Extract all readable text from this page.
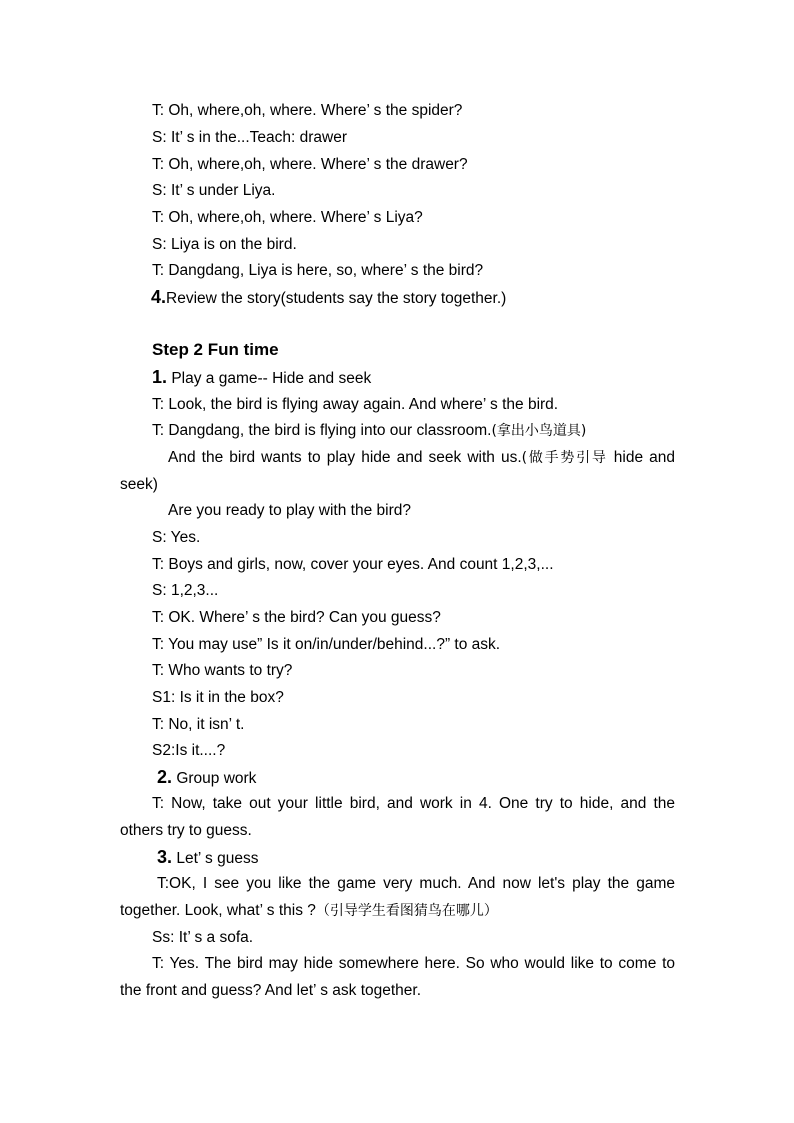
T: Oh, where,oh, where. Where’ s the spider?
S: It’ s in the...Teach: drawer
T: Oh, where,oh, where. Where’ s the drawer?
S: It’ s under Liya.
T: Oh, where,oh, where. Where’ s Liya?
S: Liya is on the bird.
T: Dangdang, Liya is here, so, where’ s the bird?
4.Review the story(students say the story together.)
Step 2 Fun time
1. Play a game-- Hide and seek
T: Look, the bird is flying away again. And where’ s the bird.
T: Dangdang, the bird is flying into our classroom.(拿出小鸟道具)
And the bird wants to play hide and seek with us.(做手势引导 hide and seek)
Are you ready to play with the bird?
S: Yes.
T: Boys and girls, now, cover your eyes. And count 1,2,3,...
S: 1,2,3...
T: OK. Where’ s the bird? Can you guess?
T: You may use” Is it on/in/under/behind...?” to ask.
T: Who wants to try?
S1: Is it in the box?
T: No, it isn’ t.
S2:Is it....?
2. Group work
T: Now, take out your little bird, and work in 4. One try to hide, and the others try to guess.
3. Let’ s guess
T:OK, I see you like the game very much. And now let's play the game together. Look, what’ s this ?（引导学生看图猜鸟在哪儿）
Ss: It’ s a sofa.
T: Yes. The bird may hide somewhere here. So who would like to come to the front and guess? And let’ s ask together.
